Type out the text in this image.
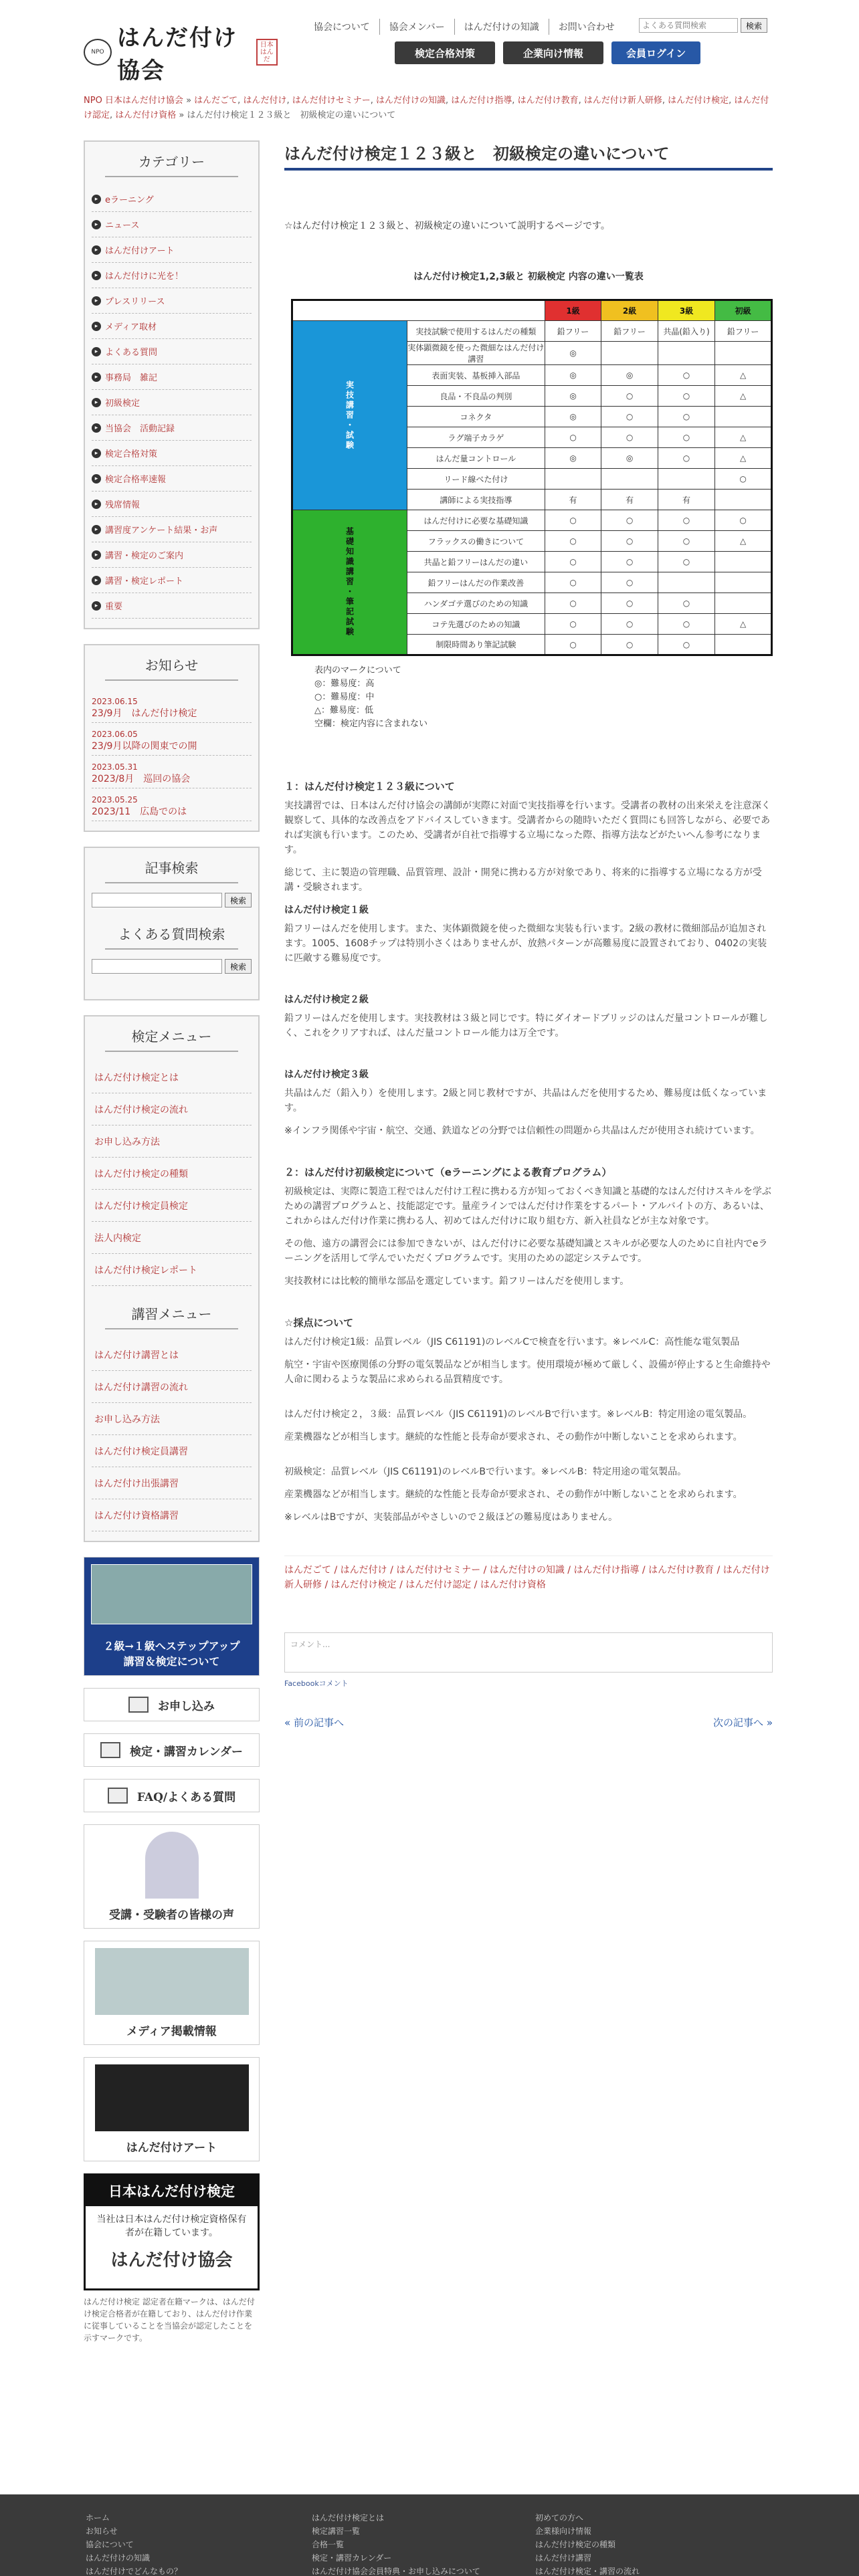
NPO
はんだ付け協会
日本
はんだ
協会について	協会メンバー	はんだ付けの知識	お問い合わせ
よくある質問検索	検索
検定合格対策	企業向け情報	会員ログイン
NPO 日本はんだ付け協会 » はんだごて, はんだ付け, はんだ付けセミナー, はんだ付けの知識, はんだ付け指導, はんだ付け教育, はんだ付け新人研修, はんだ付け検定, はんだ付け認定, はんだ付け資格 » はんだ付け検定１２３級と　初級検定の違いについて
カテゴリー
▸ eラーニング
▸ ニュース
▸ はんだ付けアート
▸ はんだ付けに光を！
▸ プレスリリース
▸ メディア取材
▸ よくある質問
▸ 事務局　雑記
▸ 初級検定
▸ 当協会　活動記録
▸ 検定合格対策
▸ 検定合格率速報
▸ 残席情報
▸ 講習度アンケート結果・お声
▸ 講習・検定のご案内
▸ 講習・検定レポート
▸ 重要
お知らせ
2023.06.15
23/9月　はんだ付け検定
2023.06.05
23/9月以降の関東での開
2023.05.31
2023/8月　巡回の協会
2023.05.25
2023/11　広島でのは
記事検索
検索
よくある質問検索
検索
検定メニュー
はんだ付け検定とは
はんだ付け検定の流れ
お申し込み方法
はんだ付け検定の種類
はんだ付け検定員検定
法人内検定
はんだ付け検定レポート
講習メニュー
はんだ付け講習とは
はんだ付け講習の流れ
お申し込み方法
はんだ付け検定員講習
はんだ付け出張講習
はんだ付け資格講習
２級→１級へステップアップ
講習＆検定について
お申し込み
検定・講習カレンダー
FAQ/よくある質問
受講・受験者の皆様の声
メディア掲載情報
はんだ付けアート
日本はんだ付け検定
当社は日本はんだ付け検定資格保有者が在籍しています。
はんだ付け協会
はんだ付け検定 認定者在籍マークは、はんだ付け検定合格者が在籍しており、はんだ付け作業に従事していることを当協会が認定したことを示すマークです。
はんだ付け検定１２３級と　初級検定の違いについて

☆はんだ付け検定１２３級と、初級検定の違いについて説明するページです。

はんだ付け検定1,2,3級と 初級検定 内容の違い一覧表
		1級	2級	3級	初級
実技講習・試験	実技試験で使用するはんだの種類	鉛フリー	鉛フリー	共晶(鉛入り)	鉛フリー
	実体顕微鏡を使った微細なはんだ付け講習	◎			
	表面実装、基板挿入部品	◎	◎	○	△
	良品・不良品の判別	◎	○	○	△
	コネクタ	◎	○	○	
	ラグ端子カラゲ	○	○	○	△
	はんだ量コントロール	◎	◎	○	△
	リード線べた付け				○
	講師による実技指導	有	有	有	
基礎知識講習・筆記試験	はんだ付けに必要な基礎知識	○	○	○	○
	フラックスの働きについて	○	○	○	△
	共晶と鉛フリーはんだの違い	○	○	○	
	鉛フリーはんだの作業改善	○	○		
	ハンダゴテ選びのための知識	○	○	○	
	コテ先選びのための知識	○	○	○	△
	制限時間あり筆記試験	○	○	○	
表内のマークについて
◎：難易度：高
○：難易度：中
△：難易度：低
空欄：検定内容に含まれない
１：はんだ付け検定１２３級について

実技講習では、日本はんだ付け協会の講師が実際に対面で実技指導を行います。受講者の教材の出来栄えを注意深く観察して、具体的な改善点をアドバイスしていきます。受講者からの随時いただく質問にも回答しながら、必要であれば実演も行います。このため、受講者が自社で指導する立場になった際、指導方法などがたいへん参考になります。

総じて、主に製造の管理職、品質管理、設計・開発に携わる方が対象であり、将来的に指導する立場になる方が受講・受験されます。

はんだ付け検定１級

鉛フリーはんだを使用します。また、実体顕微鏡を使った微細な実装も行います。2級の教材に微細部品が追加されます。1005、1608チップは特別小さくはありませんが、放熱パターンが高難易度に設置されており、0402の実装に匹敵する難易度です。

はんだ付け検定２級

鉛フリーはんだを使用します。実技教材は３級と同じです。特にダイオードブリッジのはんだ量コントロールが難しく、これをクリアすれば、はんだ量コントロール能力は万全です。

はんだ付け検定３級

共晶はんだ（鉛入り）を使用します。2級と同じ教材ですが、共晶はんだを使用するため、難易度は低くなっています。

※インフラ関係や宇宙・航空、交通、鉄道などの分野では信頼性の問題から共晶はんだが使用され続けています。

２：はんだ付け初級検定について（eラーニングによる教育プログラム）

初級検定は、実際に製造工程ではんだ付け工程に携わる方が知っておくべき知識と基礎的なはんだ付けスキルを学ぶための講習プログラムと、技能認定です。量産ラインではんだ付け作業をするパート・アルバイトの方、あるいは、これからはんだ付け作業に携わる人、初めてはんだ付けに取り組む方、新入社員などが主な対象です。

その他、遠方の講習会には参加できないが、はんだ付けに必要な基礎知識とスキルが必要な人のために自社内でeラーニングを活用して学んでいただくプログラムです。実用のための認定システムです。

実技教材には比較的簡単な部品を選定しています。鉛フリーはんだを使用します。

☆採点について

はんだ付け検定1級：品質レベル（JIS C61191)のレベルCで検査を行います。※レベルC：高性能な電気製品

航空・宇宙や医療関係の分野の電気製品などが相当します。使用環境が極めて厳しく、設備が停止すると生命維持や人命に関わるような製品に求められる品質精度です。

はんだ付け検定２，３級：品質レベル（JIS C61191)のレベルBで行います。※レベルB：特定用途の電気製品。

産業機器などが相当します。継続的な性能と長寿命が要求され、その動作が中断しないことを求められます。

初級検定：品質レベル（JIS C61191)のレベルBで行います。※レベルB：特定用途の電気製品。

産業機器などが相当します。継続的な性能と長寿命が要求され、その動作が中断しないことを求められます。

※レベルはBですが、実装部品がやさしいので２級ほどの難易度はありません。

はんだごて / はんだ付け / はんだ付けセミナー / はんだ付けの知識 / はんだ付け指導 / はんだ付け教育 / はんだ付け新人研修 / はんだ付け検定 / はんだ付け認定 / はんだ付け資格
コメント...
Facebookコメント
« 前の記事へ	次の記事へ »
ホーム
お知らせ
協会について
はんだ付けの知識
はんだ付けでどんなもの？
はんだ付け検定とは
検定講習一覧
合格一覧
検定・講習カレンダー
はんだ付け協会会員特典・お申し込みについて
初めての方へ
企業様向け情報
はんだ付け検定の種類
はんだ付け講習
はんだ付け検定・講習の流れ
